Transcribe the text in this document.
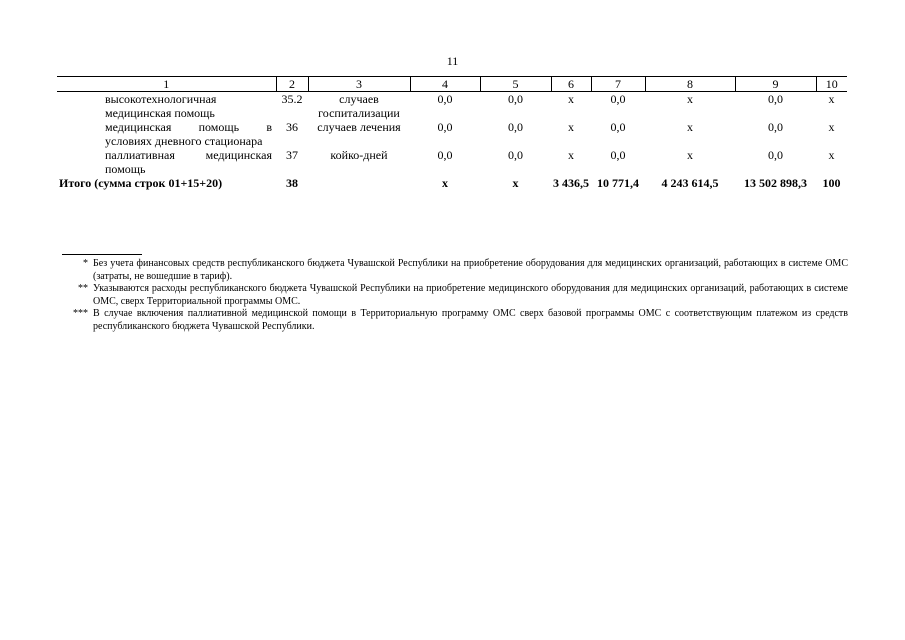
11
1	2	3	4	5	6	7	8	9	10
высокотехнологичная медицинская помощь	35.2	случаев госпитализации	0,0	0,0	х	0,0	х	0,0	х
медицинская помощь в условиях дневного стационара	36	случаев лечения	0,0	0,0	х	0,0	х	0,0	х
паллиативная медицинская помощь	37	койко-дней	0,0	0,0	х	0,0	х	0,0	х
Итого (сумма строк 01+15+20)	38		х	х	3 436,5	10 771,4	4 243 614,5	13 502 898,3	100
* Без учета финансовых средств республиканского бюджета Чувашской Республики на приобретение оборудования для медицинских организаций, работающих в системе ОМС (затраты, не вошедшие в тариф).
** Указываются расходы республиканского бюджета Чувашской Республики на приобретение медицинского оборудования для медицинских организаций, работающих в системе ОМС, сверх Территориальной программы ОМС.
*** В случае включения паллиативной медицинской помощи в Территориальную программу ОМС сверх базовой программы ОМС с соответствующим платежом из средств республиканского бюджета Чувашской Республики.
